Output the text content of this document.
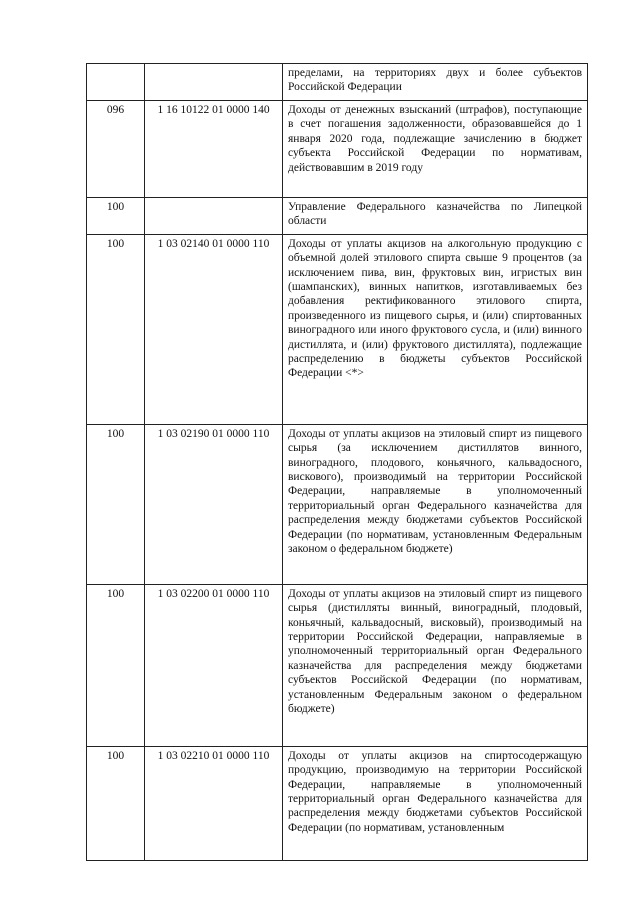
		пределами, на территориях двух и более субъектов Российской Федерации
096	1 16 10122 01 0000 140	Доходы от денежных взысканий (штрафов), поступающие в счет погашения задолженности, образовавшейся до 1 января 2020 года, подлежащие зачислению в бюджет субъекта Российской Федерации по нормативам, действовавшим в 2019 году
100		Управление Федерального казначейства по Липецкой области
100	1 03 02140 01 0000 110	Доходы от уплаты акцизов на алкогольную продукцию с объемной долей этилового спирта свыше 9 процентов (за исключением пива, вин, фруктовых вин, игристых вин (шампанских), винных напитков, изготавливаемых без добавления ректификованного этилового спирта, произведенного из пищевого сырья, и (или) спиртованных виноградного или иного фруктового сусла, и (или) винного дистиллята, и (или) фруктового дистиллята), подлежащие распределению в бюджеты субъектов Российской Федерации <*>
100	1 03 02190 01 0000 110	Доходы от уплаты акцизов на этиловый спирт из пищевого сырья (за исключением дистиллятов винного, виноградного, плодового, коньячного, кальвадосного, вискового), производимый на территории Российской Федерации, направляемые в уполномоченный территориальный орган Федерального казначейства для распределения между бюджетами субъектов Российской Федерации (по нормативам, установленным Федеральным законом о федеральном бюджете)
100	1 03 02200 01 0000 110	Доходы от уплаты акцизов на этиловый спирт из пищевого сырья (дистилляты винный, виноградный, плодовый, коньячный, кальвадосный, висковый), производимый на территории Российской Федерации, направляемые в уполномоченный территориальный орган Федерального казначейства для распределения между бюджетами субъектов Российской Федерации (по нормативам, установленным Федеральным законом о федеральном бюджете)
100	1 03 02210 01 0000 110	Доходы от уплаты акцизов на спиртосодержащую продукцию, производимую на территории Российской Федерации, направляемые в уполномоченный территориальный орган Федерального казначейства для распределения между бюджетами субъектов Российской Федерации (по нормативам, установленным
